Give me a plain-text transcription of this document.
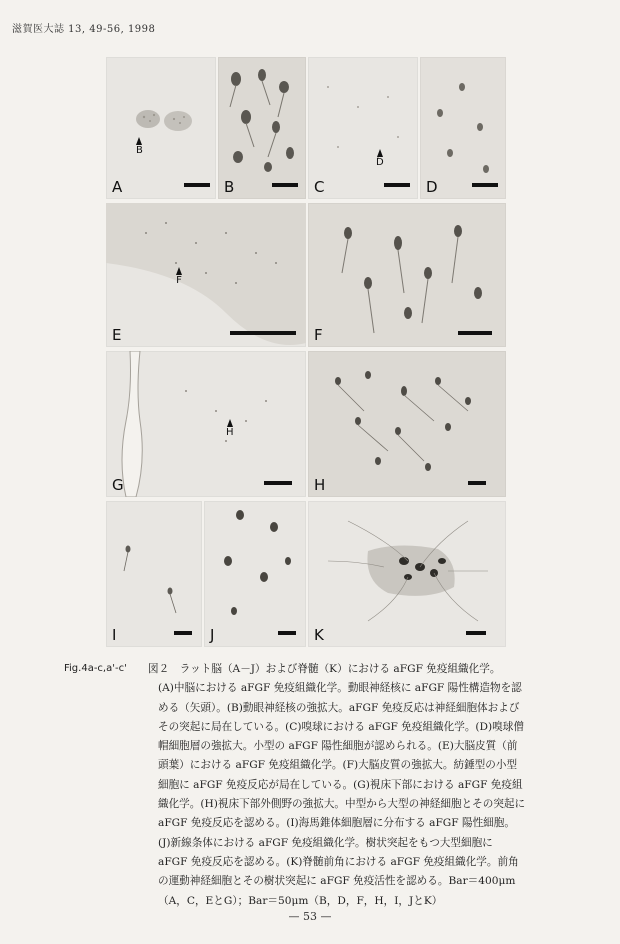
滋賀医大誌 13, 49-56, 1998
B
A	B
D
C	D
F
E	F
H
G	H
I	J	K
Fig.4a-c,a'-c' 図２　ラット脳（A－J）および脊髄（K）における aFGF 免疫組織化学。
(A)中脳における aFGF 免疫組織化学。動眼神経核に aFGF 陽性構造物を認
める（矢頭）。(B)動眼神経核の強拡大。aFGF 免疫反応は神経細胞体および
その突起に局在している。(C)嗅球における aFGF 免疫組織化学。(D)嗅球僧
帽細胞層の強拡大。小型の aFGF 陽性細胞が認められる。(E)大脳皮質（前
頭葉）における aFGF 免疫組織化学。(F)大脳皮質の強拡大。紡錘型の小型
細胞に aFGF 免疫反応が局在している。(G)視床下部における aFGF 免疫組
織化学。(H)視床下部外側野の強拡大。中型から大型の神経細胞とその突起に
aFGF 免疫反応を認める。(I)海馬錐体細胞層に分布する aFGF 陽性細胞。
(J)新線条体における aFGF 免疫組織化学。樹状突起をもつ大型細胞に
aFGF 免疫反応を認める。(K)脊髄前角における aFGF 免疫組織化学。前角
の運動神経細胞とその樹状突起に aFGF 免疫活性を認める。Bar＝400μm
（A，C，EとG）；Bar＝50μm（B，D，F，H，I，JとK）
— 53 —
